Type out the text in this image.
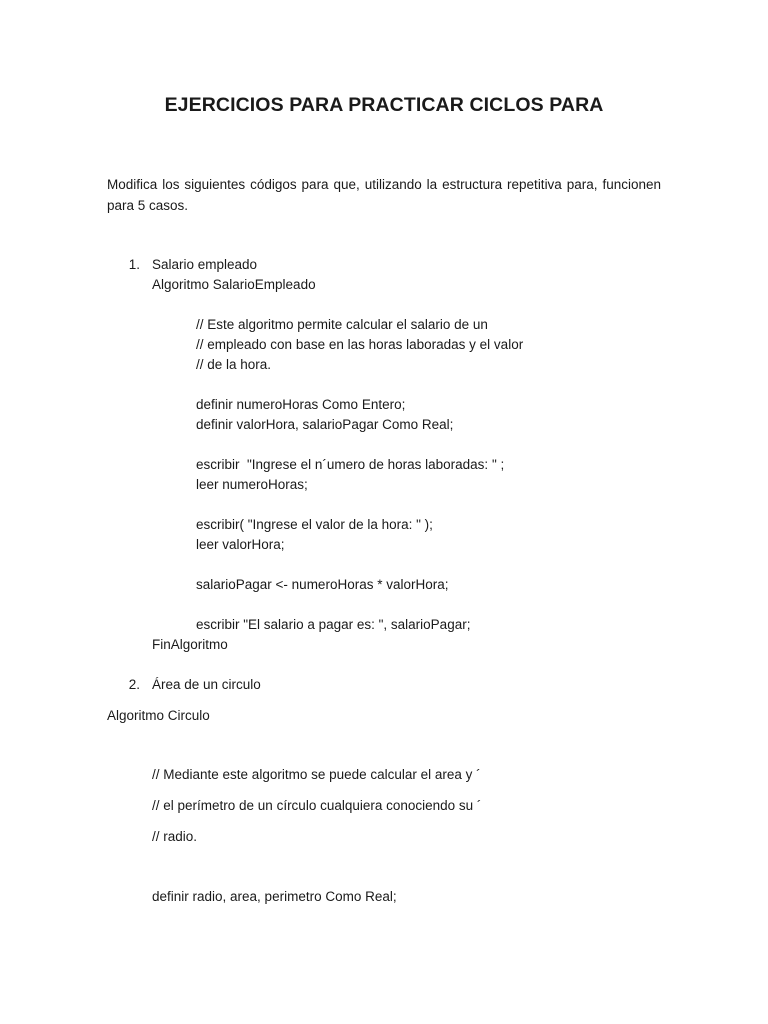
EJERCICIOS PARA PRACTICAR CICLOS PARA
Modifica los siguientes códigos para que, utilizando la estructura repetitiva para, funcionen para 5 casos.
1. Salario empleado
Algoritmo SalarioEmpleado
// Este algoritmo permite calcular el salario de un
// empleado con base en las horas laboradas y el valor
// de la hora.
definir numeroHoras Como Entero;
definir valorHora, salarioPagar Como Real;
escribir  "Ingrese el n´umero de horas laboradas: " ;
leer numeroHoras;
escribir( "Ingrese el valor de la hora: " );
leer valorHora;
salarioPagar <- numeroHoras * valorHora;
escribir "El salario a pagar es: ", salarioPagar;
FinAlgoritmo
2. Área de un circulo
Algoritmo Circulo
// Mediante este algoritmo se puede calcular el area y ´
// el perímetro de un círculo cualquiera conociendo su ´
// radio.
definir radio, area, perimetro Como Real;
